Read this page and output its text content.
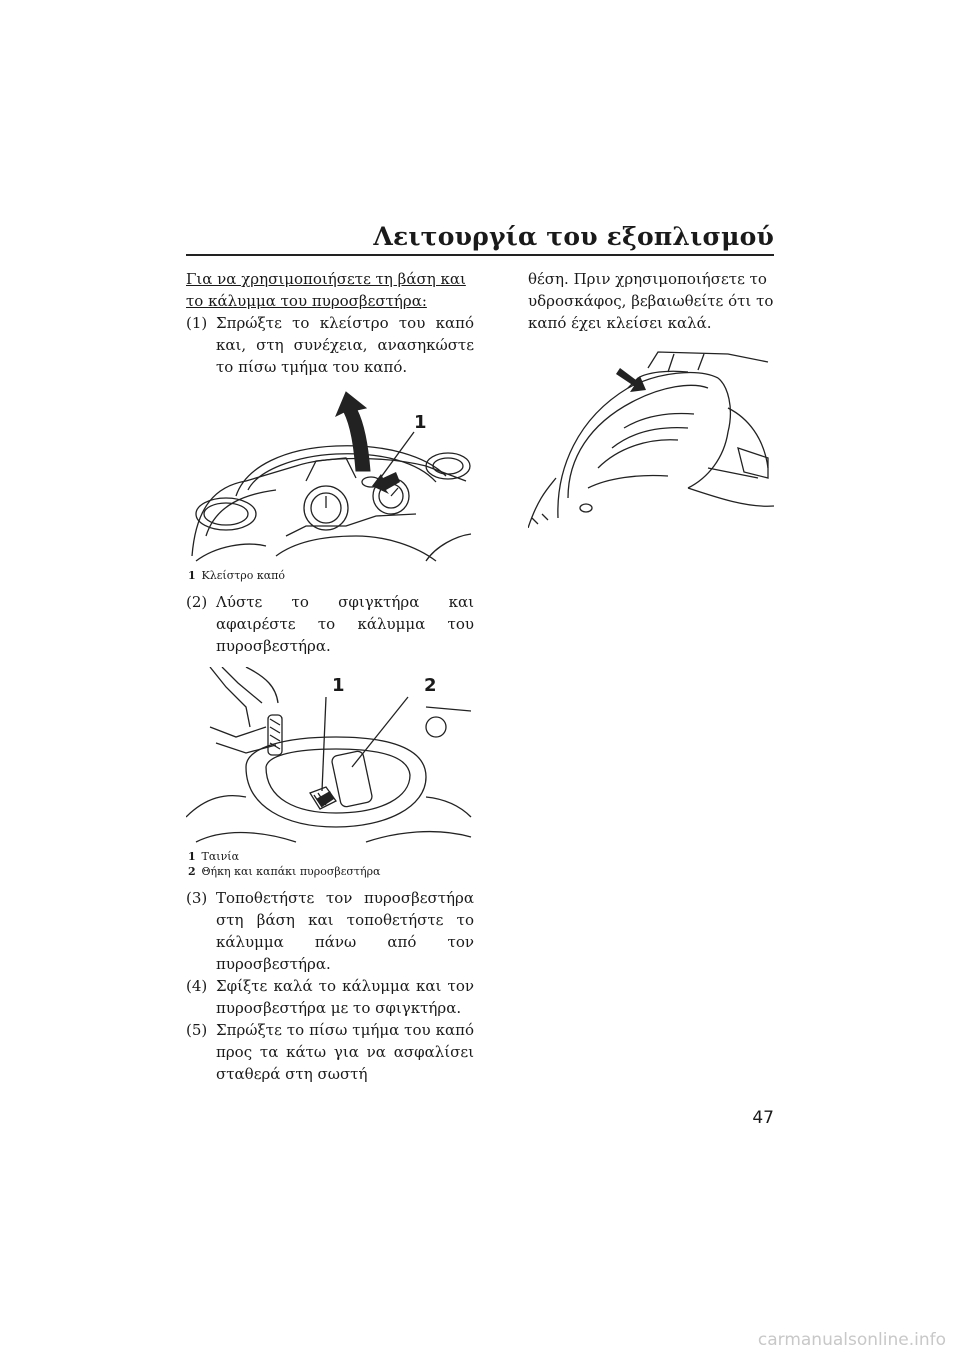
Λειτουργία του εξοπλισμού

Για να χρησιμοποιήσετε τη βάση και το κάλυμμα του πυροσβεστήρα:

(1) Σπρώξτε το κλείστρο του καπό και, στη συνέχεια, ανασηκώστε το πίσω τμήμα του καπό.

1
1 Κλείστρο καπό

(2) Λύστε το σφιγκτήρα και αφαιρέστε το κάλυμμα του πυροσβεστήρα.

1	2
1 Ταινία
2 Θήκη και καπάκι πυροσβεστήρα

(3) Τοποθετήστε τον πυροσβεστήρα στη βάση και τοποθετήστε το κάλυμμα πάνω από τον πυροσβεστήρα.

(4) Σφίξτε καλά το κάλυμμα και τον πυροσβεστήρα με το σφιγκτήρα.

(5) Σπρώξτε το πίσω τμήμα του καπό προς τα κάτω για να ασφαλίσει σταθερά στη σωστή

θέση. Πριν χρησιμοποιήσετε το υδροσκάφος, βεβαιωθείτε ότι το καπό έχει κλείσει καλά.

47
carmanualsonline.info
